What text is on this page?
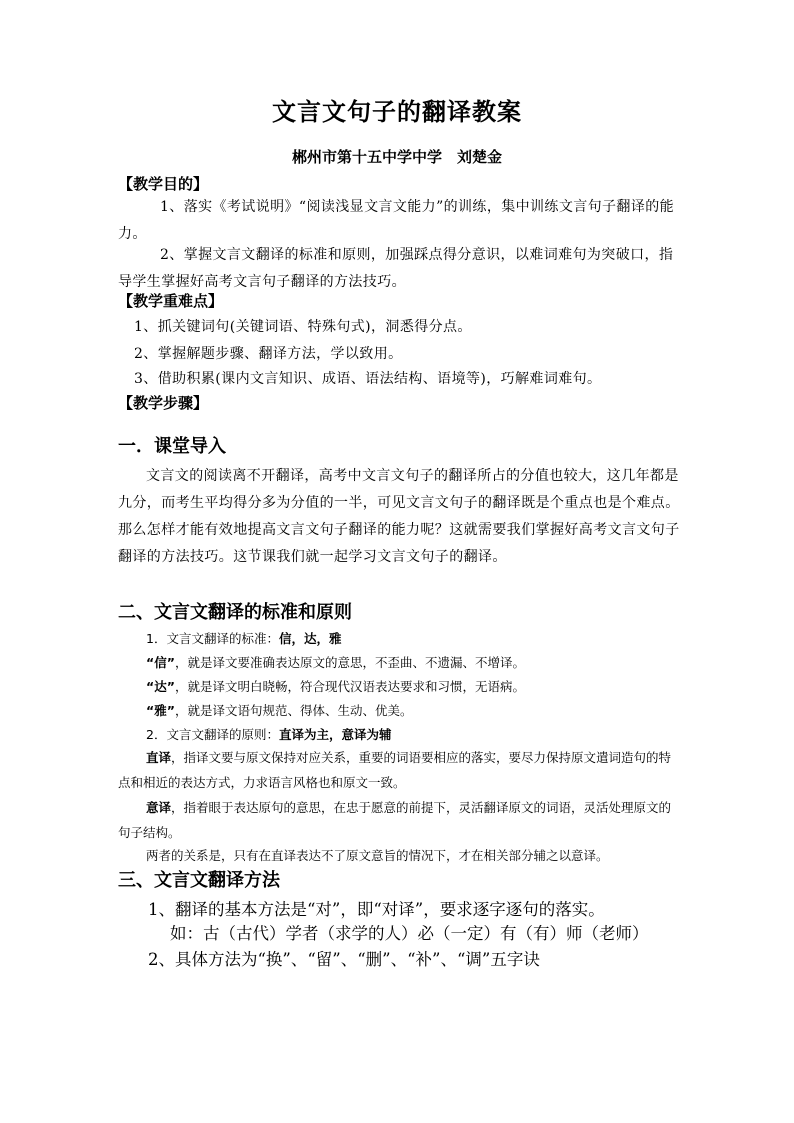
文言文句子的翻译教案
郴州市第十五中学中学　刘楚金
【教学目的】
1、落实《考试说明》“阅读浅显文言文能力”的训练，集中训练文言句子翻译的能力。
2、掌握文言文翻译的标准和原则，加强踩点得分意识，以难词难句为突破口，指导学生掌握好高考文言句子翻译的方法技巧。
【教学重难点】
1、抓关键词句(关键词语、特殊句式)，洞悉得分点。
2、掌握解题步骤、翻译方法，学以致用。
3、借助积累(课内文言知识、成语、语法结构、语境等)，巧解难词难句。
【教学步骤】
一．课堂导入
文言文的阅读离不开翻译，高考中文言文句子的翻译所占的分值也较大，这几年都是九分，而考生平均得分多为分值的一半，可见文言文句子的翻译既是个重点也是个难点。那么怎样才能有效地提高文言文句子翻译的能力呢？这就需要我们掌握好高考文言文句子翻译的方法技巧。这节课我们就一起学习文言文句子的翻译。
二、文言文翻译的标准和原则
1．文言文翻译的标准：信，达，雅
“信”，就是译文要准确表达原文的意思，不歪曲、不遗漏、不增译。
“达”，就是译文明白晓畅，符合现代汉语表达要求和习惯，无语病。
“雅”，就是译文语句规范、得体、生动、优美。
2．文言文翻译的原则：直译为主，意译为辅
直译，指译文要与原文保持对应关系，重要的词语要相应的落实，要尽力保持原文遣词造句的特点和相近的表达方式，力求语言风格也和原文一致。
意译，指着眼于表达原句的意思，在忠于愿意的前提下，灵活翻译原文的词语，灵活处理原文的句子结构。
两者的关系是，只有在直译表达不了原文意旨的情况下，才在相关部分辅之以意译。
三、文言文翻译方法
1、翻译的基本方法是“对”，即“对译”，要求逐字逐句的落实。
如：古（古代）学者（求学的人）必（一定）有（有）师（老师）
2、具体方法为“换”、“留”、“删”、“补”、“调”五字诀
